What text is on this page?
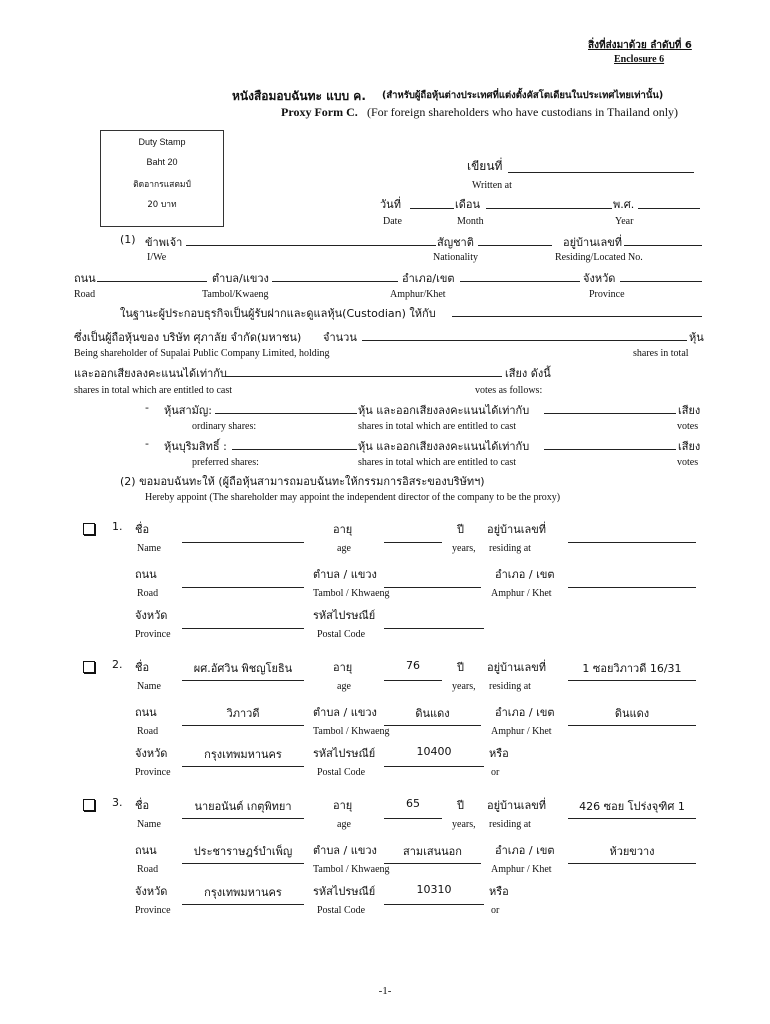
สิ่งที่ส่งมาด้วย ลำดับที่ 6
Enclosure 6
หนังสือมอบฉันทะ แบบ ค. (สำหรับผู้ถือหุ้นต่างประเทศที่แต่งตั้งคัสโตเดียนในประเทศไทยเท่านั้น)
Proxy Form C. (For foreign shareholders who have custodians in Thailand only)
Duty Stamp
Baht 20
ติดอากรแสตมป์
20 บาท
เขียนที่
Written at
วันที่	เดือน	พ.ศ.
Date	Month	Year
(1) ข้าพเจ้า	สัญชาติ	อยู่บ้านเลขที่
I/We	Nationality	Residing/Located No.
ถนน	ตำบล/แขวง	อำเภอ/เขต	จังหวัด
Road	Tambol/Kwaeng	Amphur/Khet	Province
ในฐานะผู้ประกอบธุรกิจเป็นผู้รับฝากและดูแลหุ้น(Custodian) ให้กับ
ซึ่งเป็นผู้ถือหุ้นของ บริษัท ศุภาลัย จำกัด(มหาชน) จำนวน	หุ้น
Being shareholder of Supalai Public Company Limited, holding	shares in total
และออกเสียงลงคะแนนได้เท่ากับ	เสียง ดังนี้
shares in total which are entitled to cast	votes as follows:
- หุ้นสามัญ:	หุ้น และออกเสียงลงคะแนนได้เท่ากับ	เสียง
ordinary shares:	shares in total which are entitled to cast	votes
- หุ้นบุริมสิทธิ์ :	หุ้น และออกเสียงลงคะแนนได้เท่ากับ	เสียง
preferred shares:	shares in total which are entitled to cast	votes
(2) ขอมอบฉันทะให้ (ผู้ถือหุ้นสามารถมอบฉันทะให้กรรมการอิสระของบริษัทฯ)
Hereby appoint (The shareholder may appoint the independent director of the company to be the proxy)
1. ชื่อ	อายุ	ปี อยู่บ้านเลขที่
Name	age	years, residing at
ถนน	ตำบล / แขวง	อำเภอ / เขต
Road	Tambol / Khwaeng	Amphur / Khet
จังหวัด	รหัสไปรษณีย์
Province	Postal Code
2. ชื่อ	ผศ.อัศวิน พิชญโยธิน	อายุ	76	ปี อยู่บ้านเลขที่	1 ซอยวิภาวดี 16/31
Name	age	years, residing at
ถนน	วิภาวดี	ตำบล / แขวง	ดินแดง	อำเภอ / เขต	ดินแดง
Road	Tambol / Khwaeng	Amphur / Khet
จังหวัด	กรุงเทพมหานคร	รหัสไปรษณีย์	10400	หรือ
or
Province	Postal Code
3. ชื่อ	นายอนันต์ เกตุพิทยา	อายุ	65	ปี อยู่บ้านเลขที่	426 ซอย โปร่งจุฑิศ 1
Name	age	years, residing at
ถนน	ประชาราษฎร์บำเพ็ญ	ตำบล / แขวง	สามเสนนอก	อำเภอ / เขต	ห้วยขวาง
Road	Tambol / Khwaeng	Amphur / Khet
จังหวัด	กรุงเทพมหานคร	รหัสไปรษณีย์	10310	หรือ
or
Province	Postal Code
-1-
